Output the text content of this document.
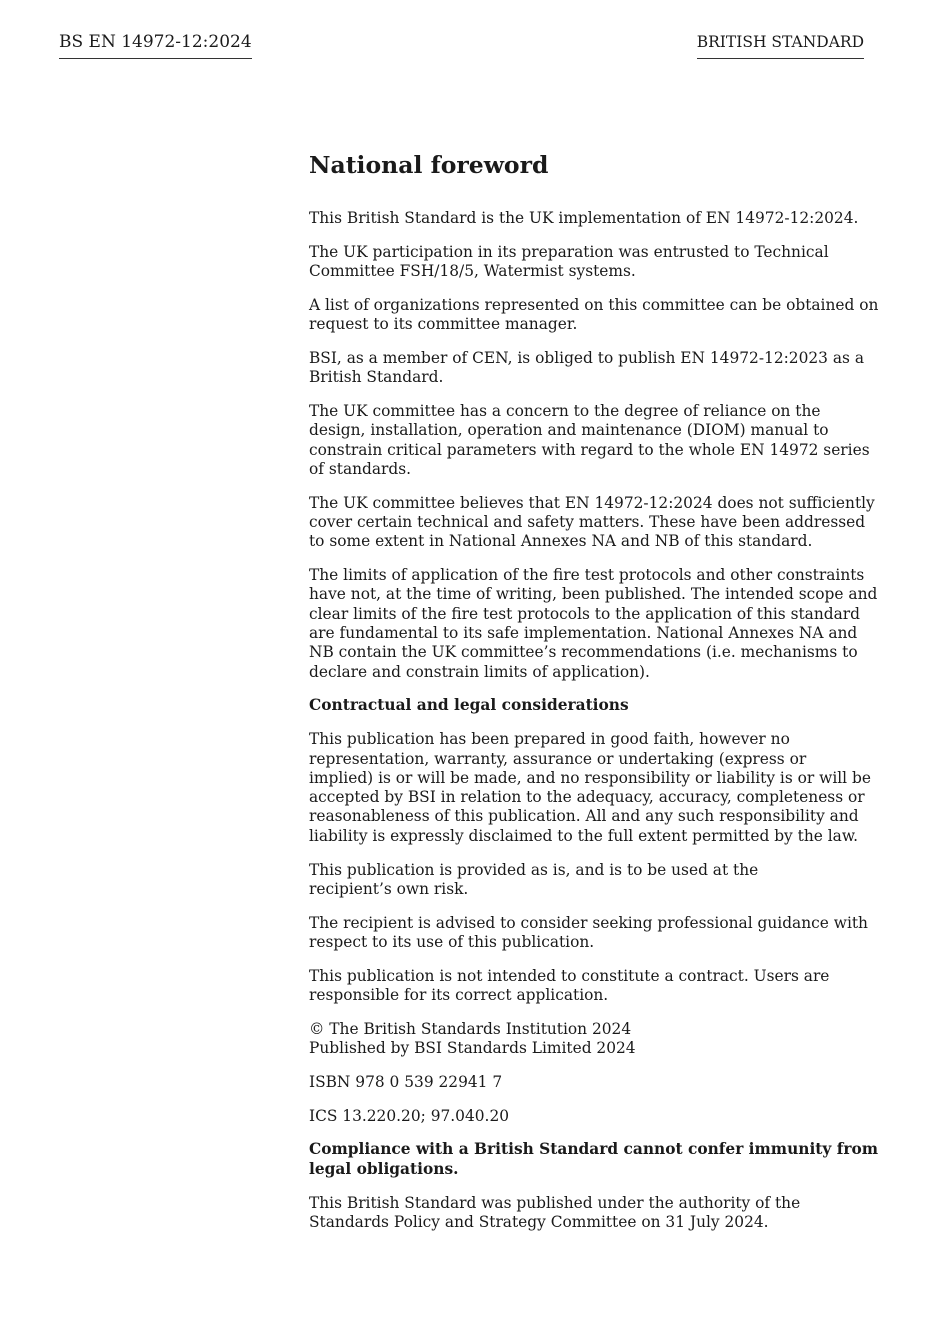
BS EN 14972-12:2024	BRITISH STANDARD
National foreword
This British Standard is the UK implementation of EN 14972-12:2024.
The UK participation in its preparation was entrusted to Technical
Committee FSH/18/5, Watermist systems.
A list of organizations represented on this committee can be obtained on
request to its committee manager.
BSI, as a member of CEN, is obliged to publish EN 14972-12:2023 as a
British Standard.
The UK committee has a concern to the degree of reliance on the
design, installation, operation and maintenance (DIOM) manual to
constrain critical parameters with regard to the whole EN 14972 series
of standards.
The UK committee believes that EN 14972-12:2024 does not sufficiently
cover certain technical and safety matters. These have been addressed
to some extent in National Annexes NA and NB of this standard.
The limits of application of the fire test protocols and other constraints
have not, at the time of writing, been published. The intended scope and
clear limits of the fire test protocols to the application of this standard
are fundamental to its safe implementation. National Annexes NA and
NB contain the UK committee’s recommendations (i.e. mechanisms to
declare and constrain limits of application).
Contractual and legal considerations
This publication has been prepared in good faith, however no
representation, warranty, assurance or undertaking (express or
implied) is or will be made, and no responsibility or liability is or will be
accepted by BSI in relation to the adequacy, accuracy, completeness or
reasonableness of this publication. All and any such responsibility and
liability is expressly disclaimed to the full extent permitted by the law.
This publication is provided as is, and is to be used at the
recipient’s own risk.
The recipient is advised to consider seeking professional guidance with
respect to its use of this publication.
This publication is not intended to constitute a contract. Users are
responsible for its correct application.
© The British Standards Institution 2024
Published by BSI Standards Limited 2024
ISBN 978 0 539 22941 7
ICS 13.220.20; 97.040.20
Compliance with a British Standard cannot confer immunity from
legal obligations.
This British Standard was published under the authority of the
Standards Policy and Strategy Committee on 31 July 2024.
